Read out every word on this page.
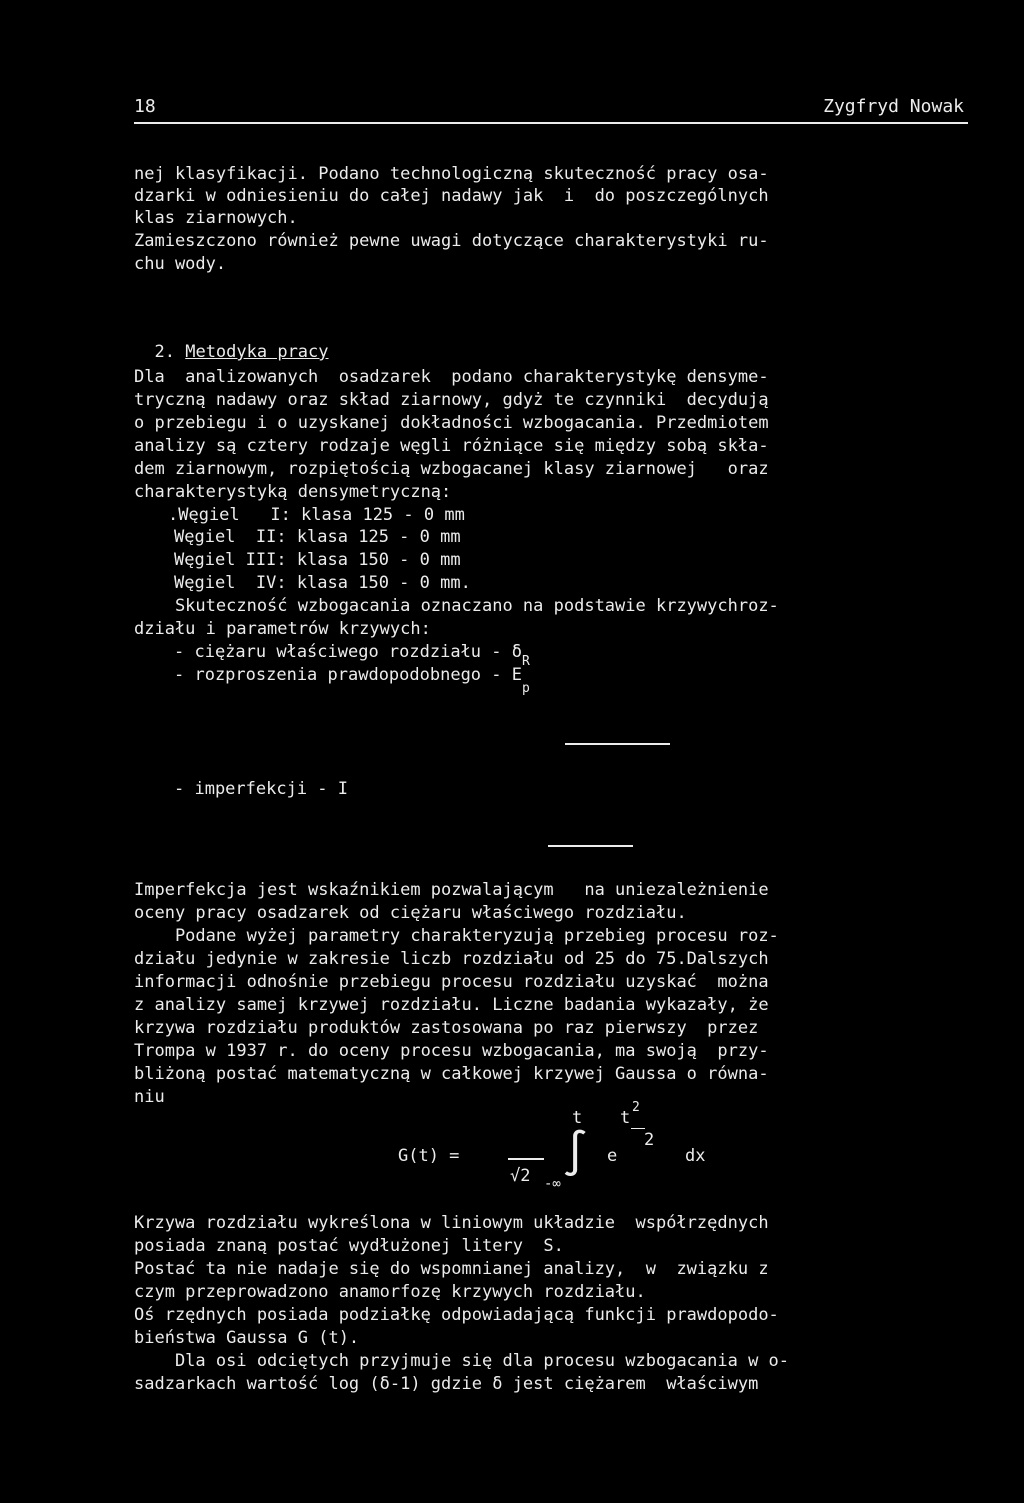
18	Zygfryd Nowak
nej klasyfikacji. Podano technologiczną skuteczność pracy osa-
dzarki w odniesieniu do całej nadawy jak  i  do poszczególnych
klas ziarnowych.
Zamieszczono również pewne uwagi dotyczące charakterystyki ru-
chu wody.

2. Metodyka pracy

Dla  analizowanych  osadzarek  podano charakterystykę densyme-
tryczną nadawy oraz skład ziarnowy, gdyż te czynniki  decydują
o przebiegu i o uzyskanej dokładności wzbogacania. Przedmiotem
analizy są cztery rodzaje węgli różniące się między sobą skła-
dem ziarnowym, rozpiętością wzbogacanej klasy ziarnowej   oraz
charakterystyką densymetryczną:
.Węgiel   I: klasa 125 - 0 mm
Węgiel  II: klasa 125 - 0 mm
Węgiel III: klasa 150 - 0 mm
Węgiel  IV: klasa 150 - 0 mm.
Skuteczność wzbogacania oznaczano na podstawie krzywychroz-
działu i parametrów krzywych:
- ciężaru właściwego rozdziału - $\delta_R$
- rozproszenia prawdopodobnego - $E_p$
- imperfekcji - I
Imperfekcja jest wskaźnikiem pozwalającym   na uniezależnienie
oceny pracy osadzarek od ciężaru właściwego rozdziału.
Podane wyżej parametry charakteryzują przebieg procesu roz-
działu jedynie w zakresie liczb rozdziału od 25 do 75.Dalszych
informacji odnośnie przebiegu procesu rozdziału uzyskać  można
z analizy samej krzywej rozdziału. Liczne badania wykazały, że
krzywa rozdziału produktów zastosowana po raz pierwszy  przez
Trompa w 1937 r. do oceny procesu wzbogacania, ma swoją  przy-
bliżoną postać matematyczną w całkowej krzywej Gaussa o równa-
niu
G(t) =
t
√2 ∫
-∞
e
t
2
2
dx
Krzywa rozdziału wykreślona w liniowym układzie  współrzędnych
posiada znaną postać wydłużonej litery  S.
Postać ta nie nadaje się do wspomnianej analizy,  w  związku z
czym przeprowadzono anamorfozę krzywych rozdziału.
Oś rzędnych posiada podziałkę odpowiadającą funkcji prawdopodo-
bieństwa Gaussa G (t).
Dla osi odciętych przyjmuje się dla procesu wzbogacania w o-
sadzarkach wartość log (δ-1) gdzie δ jest ciężarem  właściwym
